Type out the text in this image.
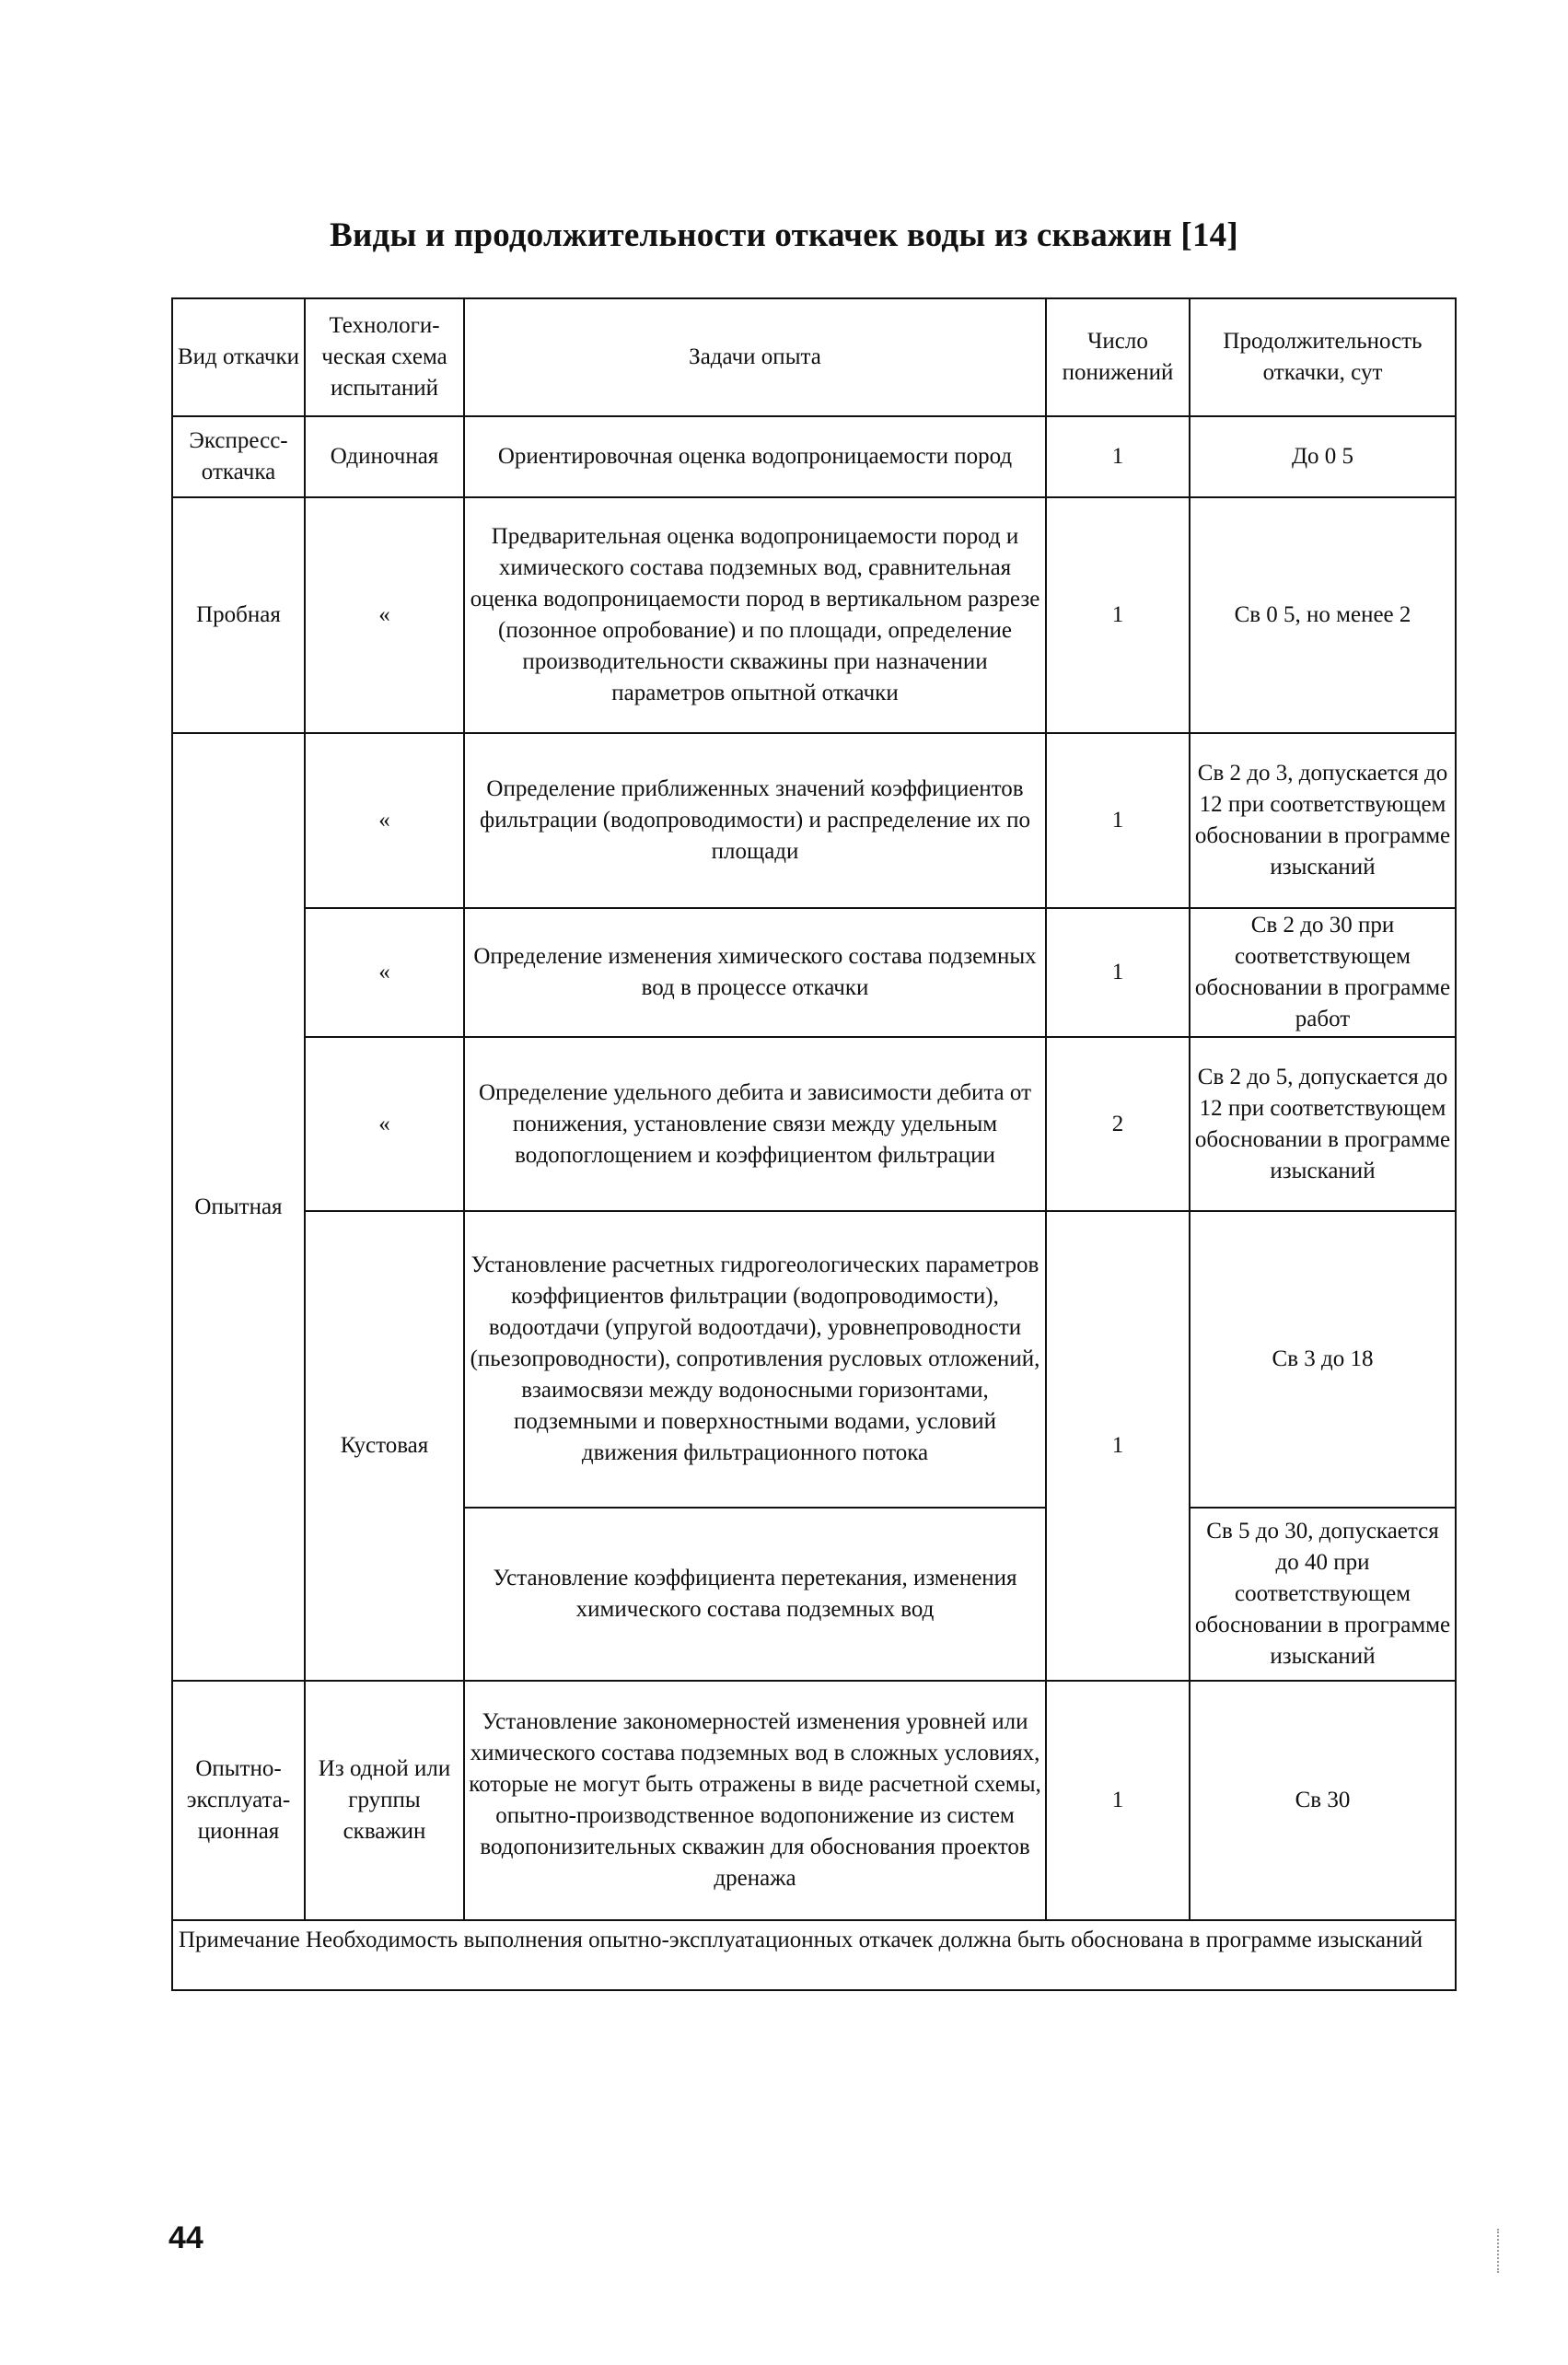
Виды и продолжительности откачек воды из скважин [14]
Вид откачки	Технологи-ческая схема испытаний	Задачи опыта	Число понижений	Продолжительность откачки, сут
Экспресс-откачка	Одиночная	Ориентировочная оценка водопроницаемости пород	1	До 0 5
Пробная	«	Предварительная оценка водопроницаемости пород и химического состава подземных вод, сравнительная оценка водопроницаемости пород в вертикальном разрезе (позонное опробование) и по площади, определение производительности скважины при назначении параметров опытной откачки	1	Св 0 5, но менее 2
Опытная	«	Определение приближенных значений коэффициентов фильтрации (водопроводимости) и распределение их по площади	1	Св 2 до 3, допускается до 12 при соответствующем обосновании в программе изысканий
	«	Определение изменения химического состава подземных вод в процессе откачки	1	Св 2 до 30 при соответствующем обосновании в программе работ
	«	Определение удельного дебита и зависимости дебита от понижения, установление связи между удельным водопоглощением и коэффициентом фильтрации	2	Св 2 до 5, допускается до 12 при соответствующем обосновании в программе изысканий
	Кустовая	Установление расчетных гидрогеологических параметров коэффициентов фильтрации (водопроводимости), водоотдачи (упругой водоотдачи), уровнепроводности (пьезопроводности), сопротивления русловых отложений, взаимосвязи между водоносными горизонтами, подземными и поверхностными водами, условий движения фильтрационного потока	1	Св 3 до 18
		Установление коэффициента перетекания, изменения химического состава подземных вод		Св 5 до 30, допускается до 40 при соответствующем обосновании в программе изысканий
Опытно-эксплуата-ционная	Из одной или группы скважин	Установление закономерностей изменения уровней или химического состава подземных вод в сложных условиях, которые не могут быть отражены в виде расчетной схемы, опытно-производственное водопонижение из систем водопонизительных скважин для обоснования проектов дренажа	1	Св 30
Примечание Необходимость выполнения опытно-эксплуатационных откачек должна быть обоснована в программе изысканий				
44
